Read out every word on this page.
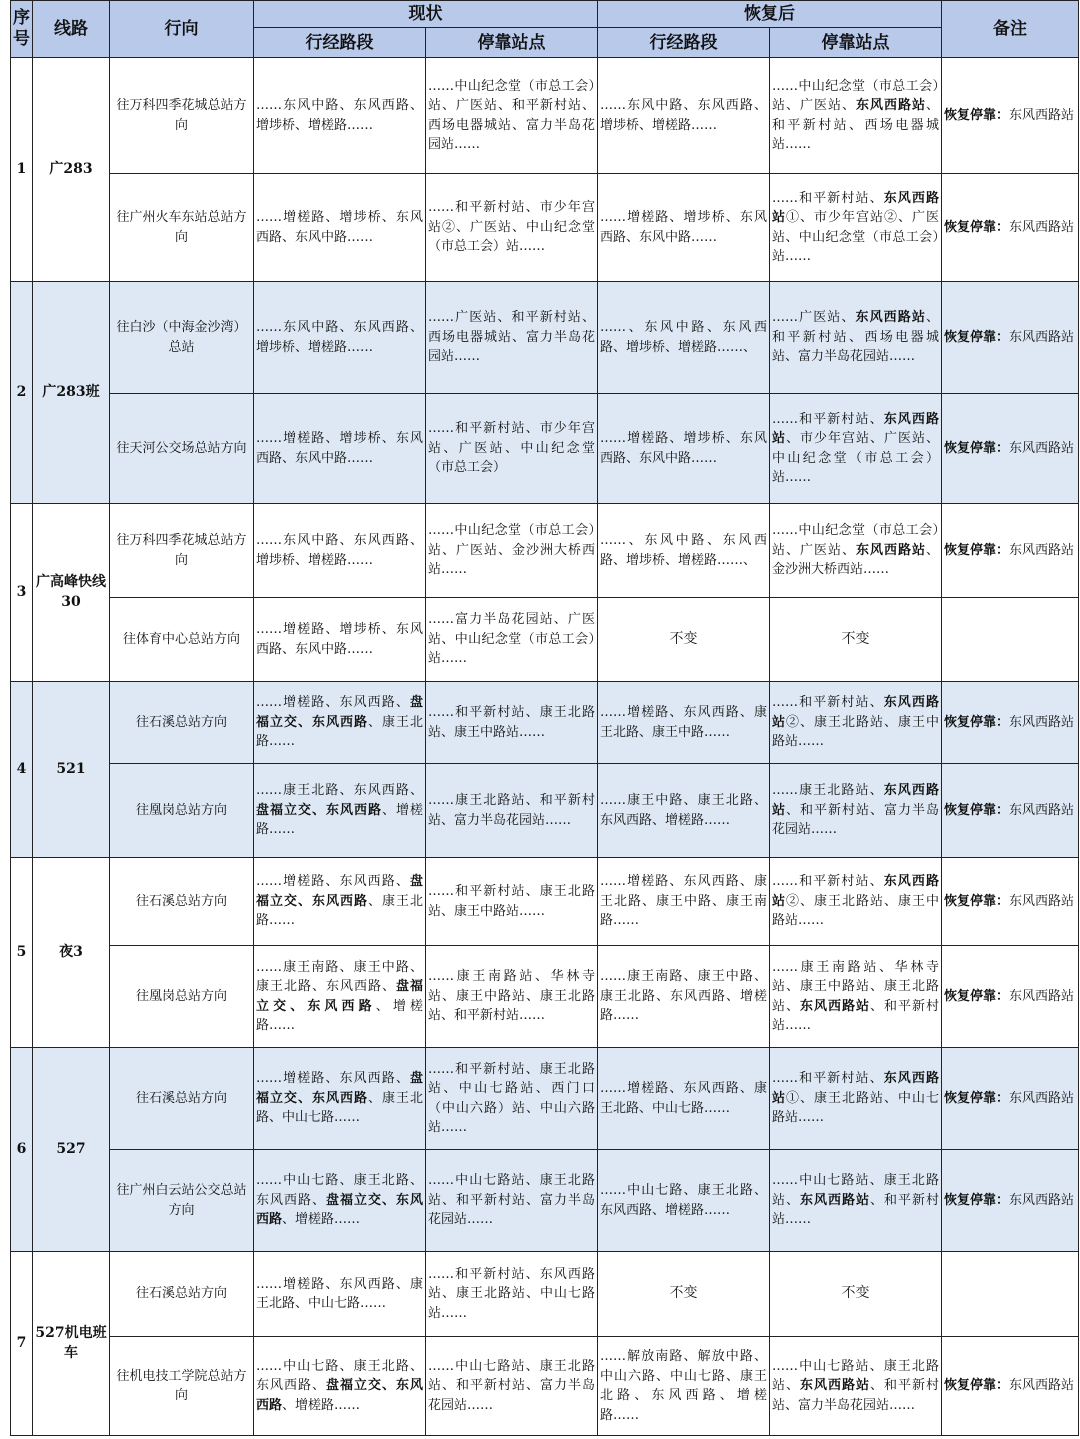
序号	线路	行向	现状		恢复后		备注
			行经路段	停靠站点	行经路段	停靠站点	
1	广283	往万科四季花城总站方向	……东风中路、东风西路、增埗桥、增槎路……	……中山纪念堂（市总工会）站、广医站、和平新村站、西场电器城站、富力半岛花园站……	……东风中路、东风西路、增埗桥、增槎路……	……中山纪念堂（市总工会）站、广医站、东风西路站、和平新村站、西场电器城站……	恢复停靠：东风西路站
		往广州火车东站总站方向	……增槎路、增埗桥、东风西路、东风中路……	……和平新村站、市少年宫站②、广医站、中山纪念堂（市总工会）站……	……增槎路、增埗桥、东风西路、东风中路……	……和平新村站、东风西路站①、市少年宫站②、广医站、中山纪念堂（市总工会）站……	恢复停靠：东风西路站
2	广283班	往白沙（中海金沙湾）总站	……东风中路、东风西路、增埗桥、增槎路……	……广医站、和平新村站、西场电器城站、富力半岛花园站……	……、东风中路、东风西路、增埗桥、增槎路……、	……广医站、东风西路站、和平新村站、西场电器城站、富力半岛花园站……	恢复停靠：东风西路站
		往天河公交场总站方向	……增槎路、增埗桥、东风西路、东风中路……	……和平新村站、市少年宫站、广医站、中山纪念堂（市总工会）	……增槎路、增埗桥、东风西路、东风中路……	……和平新村站、东风西路站、市少年宫站、广医站、中山纪念堂（市总工会）站……	恢复停靠：东风西路站
3	广高峰快线30	往万科四季花城总站方向	……东风中路、东风西路、增埗桥、增槎路……	……中山纪念堂（市总工会）站、广医站、金沙洲大桥西站……	……、东风中路、东风西路、增埗桥、增槎路……、	……中山纪念堂（市总工会）站、广医站、东风西路站、金沙洲大桥西站……	恢复停靠：东风西路站
		往体育中心总站方向	……增槎路、增埗桥、东风西路、东风中路……	……富力半岛花园站、广医站、中山纪念堂（市总工会）站……	不变	不变	
4	521	往石溪总站方向	……增槎路、东风西路、盘福立交、东风西路、康王北路……	……和平新村站、康王北路站、康王中路站……	……增槎路、东风西路、康王北路、康王中路……	……和平新村站、东风西路站②、康王北路站、康王中路站……	恢复停靠：东风西路站
		往凰岗总站方向	……康王北路、东风西路、盘福立交、东风西路、增槎路……	……康王北路站、和平新村站、富力半岛花园站……	……康王中路、康王北路、东风西路、增槎路……	……康王北路站、东风西路站、和平新村站、富力半岛花园站……	恢复停靠：东风西路站
5	夜3	往石溪总站方向	……增槎路、东风西路、盘福立交、东风西路、康王北路……	……和平新村站、康王北路站、康王中路站……	……增槎路、东风西路、康王北路、康王中路、康王南路……	……和平新村站、东风西路站②、康王北路站、康王中路站……	恢复停靠：东风西路站
		往凰岗总站方向	……康王南路、康王中路、康王北路、东风西路、盘福立交、东风西路、增槎路……	……康王南路站、华林寺站、康王中路站、康王北路站、和平新村站……	……康王南路、康王中路、康王北路、东风西路、增槎路……	……康王南路站、华林寺站、康王中路站、康王北路站、东风西路站、和平新村站……	恢复停靠：东风西路站
6	527	往石溪总站方向	……增槎路、东风西路、盘福立交、东风西路、康王北路、中山七路……	……和平新村站、康王北路站、中山七路站、西门口（中山六路）站、中山六路站……	……增槎路、东风西路、康王北路、中山七路……	……和平新村站、东风西路站①、康王北路站、中山七路站……	恢复停靠：东风西路站
		往广州白云站公交总站方向	……中山七路、康王北路、东风西路、盘福立交、东风西路、增槎路……	……中山七路站、康王北路站、和平新村站、富力半岛花园站……	……中山七路、康王北路、东风西路、增槎路……	……中山七路站、康王北路站、东风西路站、和平新村站……	恢复停靠：东风西路站
7	527机电班车	往石溪总站方向	……增槎路、东风西路、康王北路、中山七路……	……和平新村站、东风西路站、康王北路站、中山七路站……	不变	不变	
		往机电技工学院总站方向	……中山七路、康王北路、东风西路、盘福立交、东风西路、增槎路……	……中山七路站、康王北路站、和平新村站、富力半岛花园站……	……解放南路、解放中路、中山六路、中山七路、康王北路、东风西路、增槎路……	……中山七路站、康王北路站、东风西路站、和平新村站、富力半岛花园站……	恢复停靠：东风西路站
